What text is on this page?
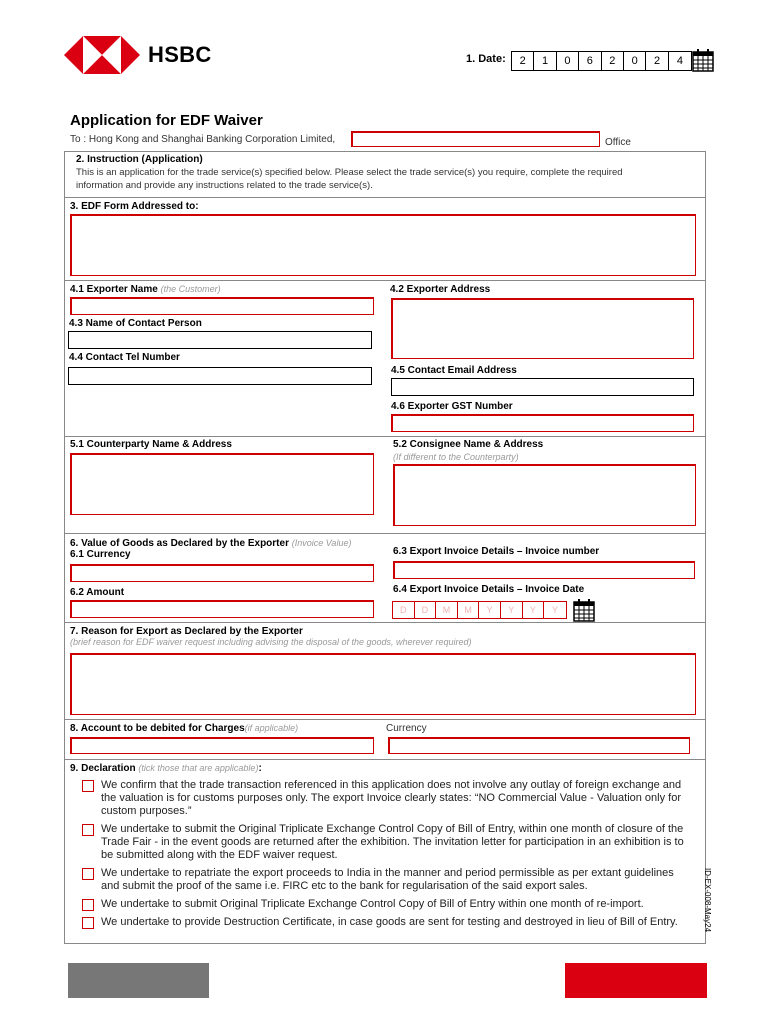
HSBC	1. Date:	2	1	0	6	2	0	2	4
Application for EDF Waiver
To : Hong Kong and Shanghai Banking Corporation Limited,	Office
2. Instruction (Application)
This is an application for the trade service(s) specified below. Please select the trade service(s) you require, complete the required information and provide any instructions related to the trade service(s).
3. EDF Form Addressed to:
4.1 Exporter Name (the Customer)	4.2 Exporter Address
4.3 Name of Contact Person
4.4 Contact Tel Number
4.5 Contact Email Address
4.6 Exporter GST Number
5.1 Counterparty Name & Address	5.2 Consignee Name & Address
(If different to the Counterparty)
6. Value of Goods as Declared by the Exporter (Invoice Value)
6.1 Currency	6.3 Export Invoice Details – Invoice number
6.2 Amount	6.4 Export Invoice Details – Invoice Date
D	D	M	M	Y	Y	Y	Y
7. Reason for Export as Declared by the Exporter
(brief reason for EDF waiver request including advising the disposal of the goods, wherever required)
8. Account to be debited for Charges(if applicable)	Currency
9. Declaration (tick those that are applicable):
We confirm that the trade transaction referenced in this application does not involve any outlay of foreign exchange and the valuation is for customs purposes only. The export Invoice clearly states: “NO Commercial Value - Valuation only for custom purposes.”
We undertake to submit the Original Triplicate Exchange Control Copy of Bill of Entry, within one month of closure of the Trade Fair - in the event goods are returned after the exhibition. The invitation letter for participation in an exhibition is to be submitted along with the EDF waiver request.
We undertake to repatriate the export proceeds to India in the manner and period permissible as per extant guidelines and submit the proof of the same i.e. FIRC etc to the bank for regularisation of the said export sales.
We undertake to submit Original Triplicate Exchange Control Copy of Bill of Entry within one month of re-import.
We undertake to provide Destruction Certificate, in case goods are sent for testing and destroyed in lieu of Bill of Entry.	ID-EX-008-May24
